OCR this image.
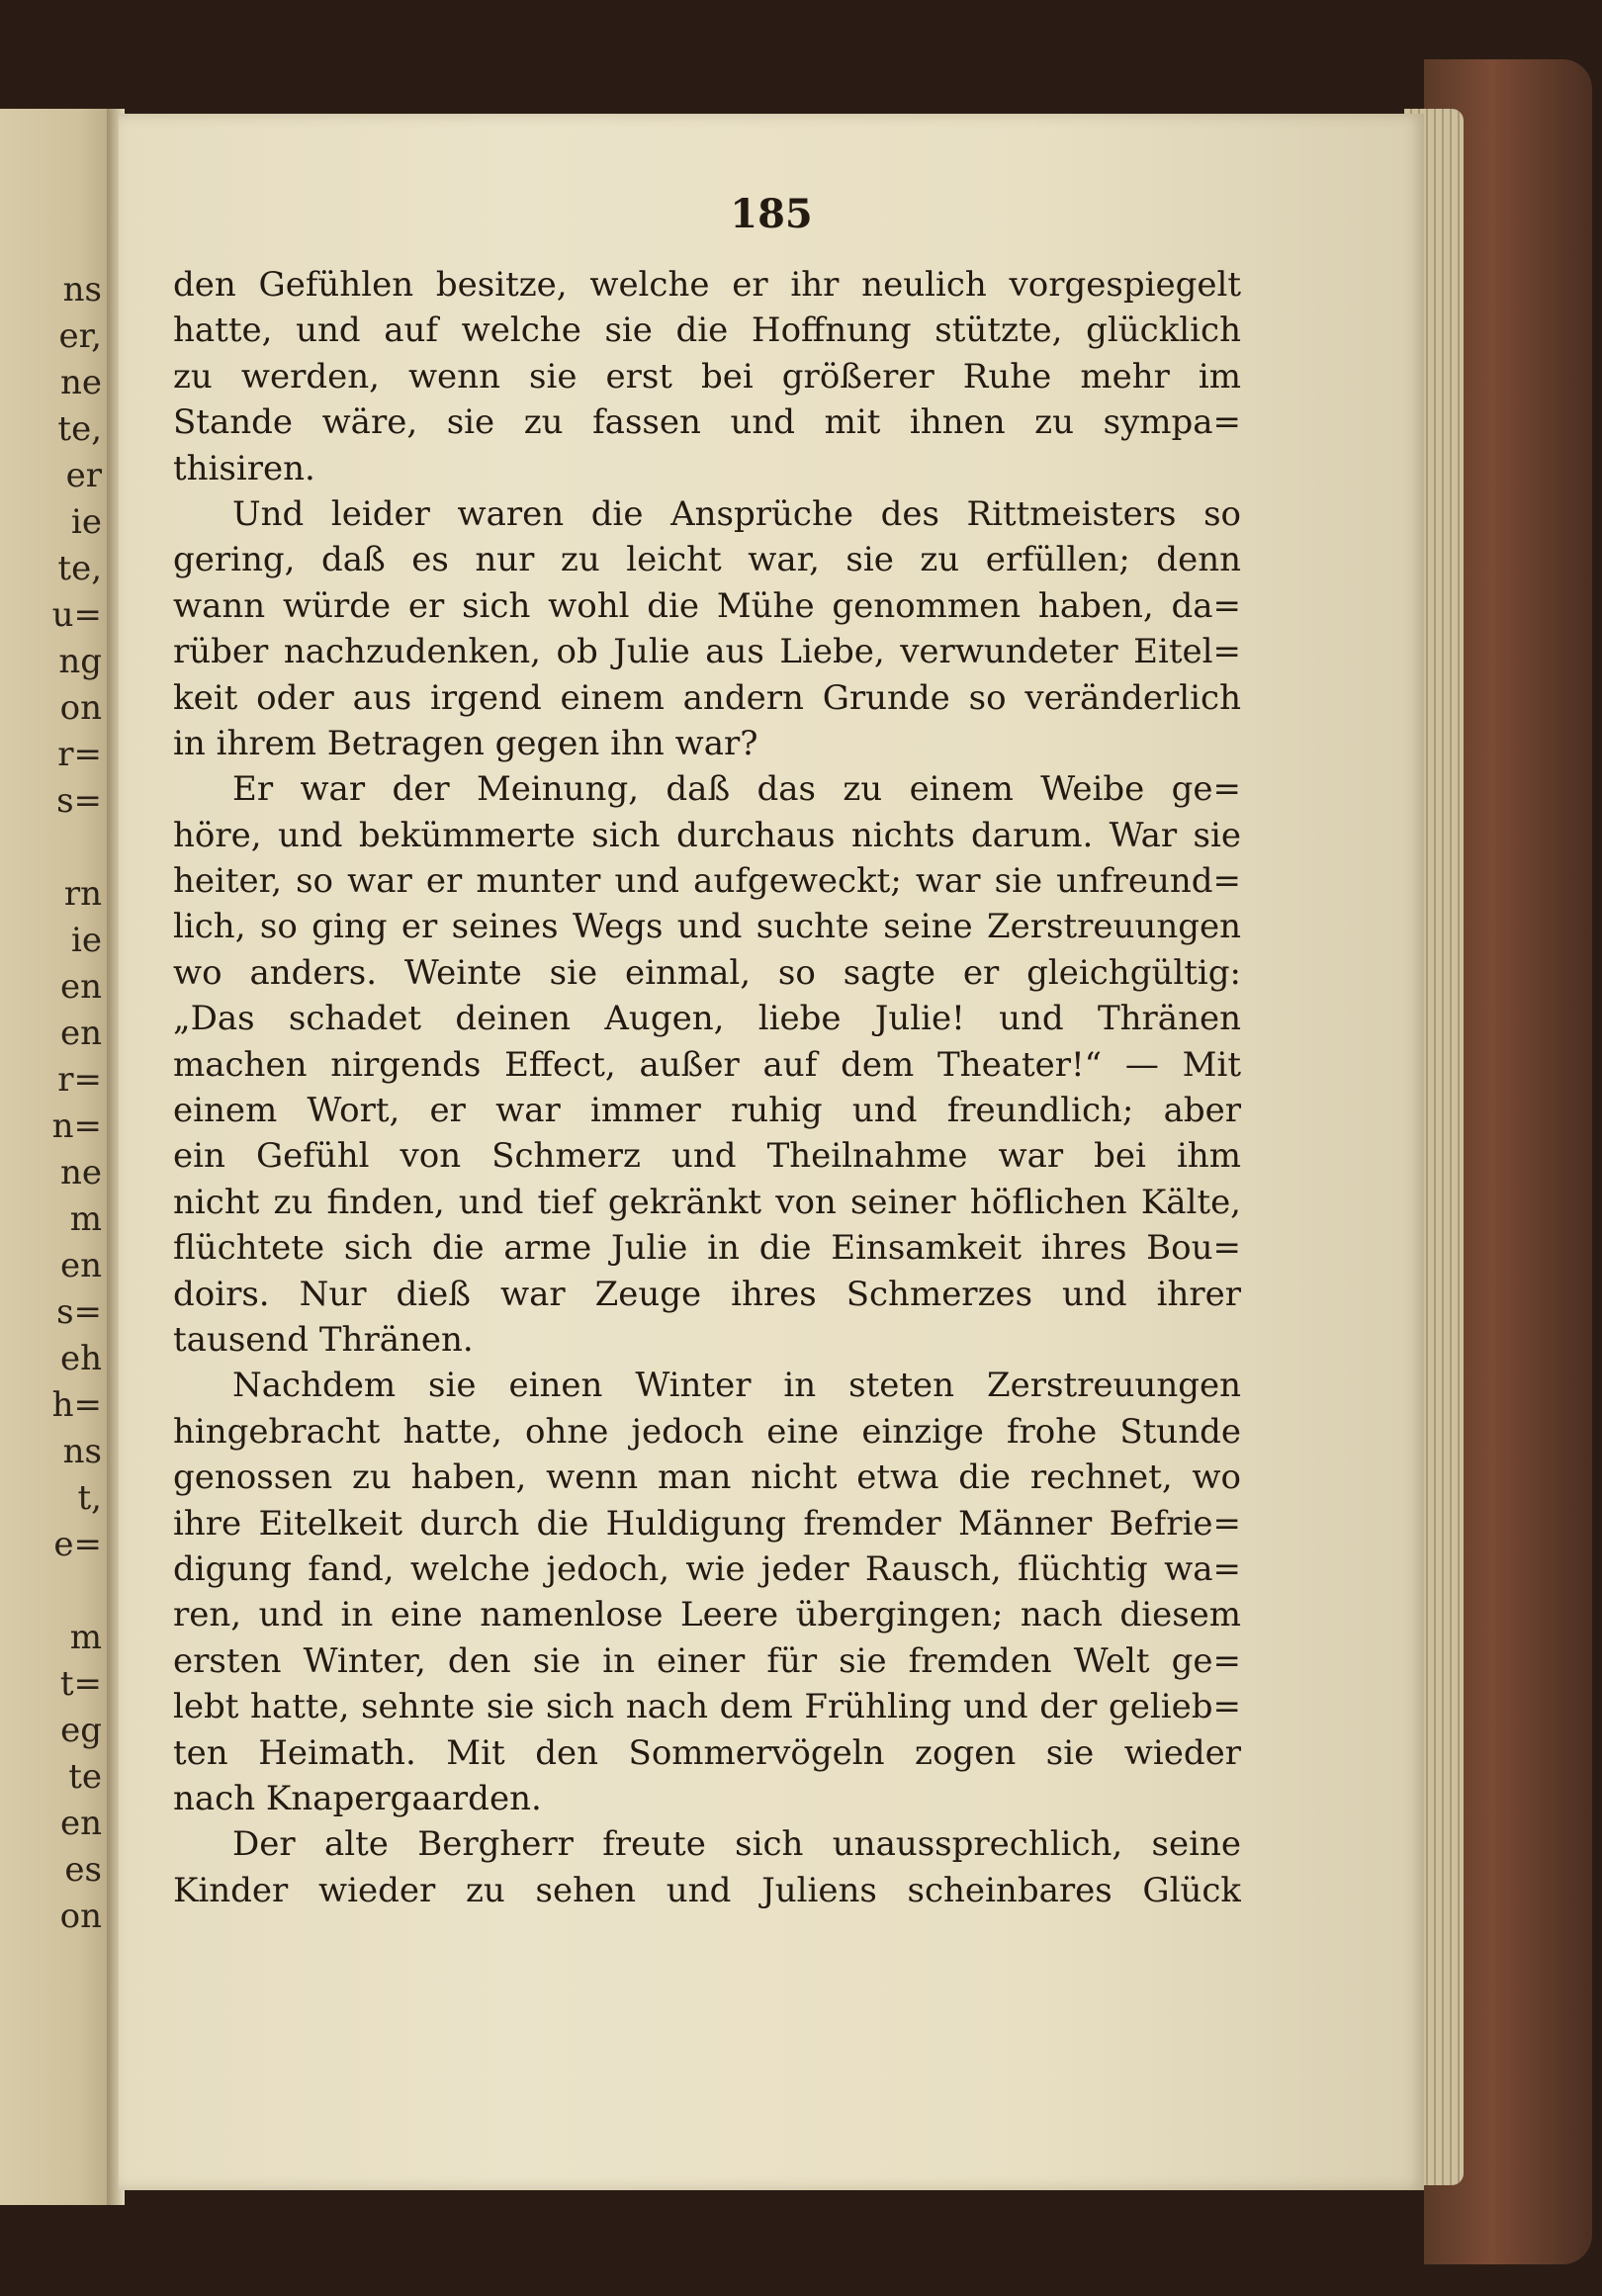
ns
er,
ne
te,
er
ie
te,
u=
ng
on
r=
s=
rn
ie
en
en
r=
n=
ne
m
en
s=
eh
h=
ns
t,
e=
m
t=
eg
te
en
es
on
185
den Gefühlen besitze, welche er ihr neulich vorgespiegelt
hatte, und auf welche sie die Hoffnung stützte, glücklich
zu werden, wenn sie erst bei größerer Ruhe mehr im
Stande wäre, sie zu fassen und mit ihnen zu sympa=
thisiren.
Und leider waren die Ansprüche des Rittmeisters so
gering, daß es nur zu leicht war, sie zu erfüllen; denn
wann würde er sich wohl die Mühe genommen haben, da=
rüber nachzudenken, ob Julie aus Liebe, verwundeter Eitel=
keit oder aus irgend einem andern Grunde so veränderlich
in ihrem Betragen gegen ihn war?
Er war der Meinung, daß das zu einem Weibe ge=
höre, und bekümmerte sich durchaus nichts darum. War sie
heiter, so war er munter und aufgeweckt; war sie unfreund=
lich, so ging er seines Wegs und suchte seine Zerstreuungen
wo anders. Weinte sie einmal, so sagte er gleichgültig:
„Das schadet deinen Augen, liebe Julie! und Thränen
machen nirgends Effect, außer auf dem Theater!“ — Mit
einem Wort, er war immer ruhig und freundlich; aber
ein Gefühl von Schmerz und Theilnahme war bei ihm
nicht zu finden, und tief gekränkt von seiner höflichen Kälte,
flüchtete sich die arme Julie in die Einsamkeit ihres Bou=
doirs. Nur dieß war Zeuge ihres Schmerzes und ihrer
tausend Thränen.
Nachdem sie einen Winter in steten Zerstreuungen
hingebracht hatte, ohne jedoch eine einzige frohe Stunde
genossen zu haben, wenn man nicht etwa die rechnet, wo
ihre Eitelkeit durch die Huldigung fremder Männer Befrie=
digung fand, welche jedoch, wie jeder Rausch, flüchtig wa=
ren, und in eine namenlose Leere übergingen; nach diesem
ersten Winter, den sie in einer für sie fremden Welt ge=
lebt hatte, sehnte sie sich nach dem Frühling und der gelieb=
ten Heimath. Mit den Sommervögeln zogen sie wieder
nach Knapergaarden.
Der alte Bergherr freute sich unaussprechlich, seine
Kinder wieder zu sehen und Juliens scheinbares Glück
